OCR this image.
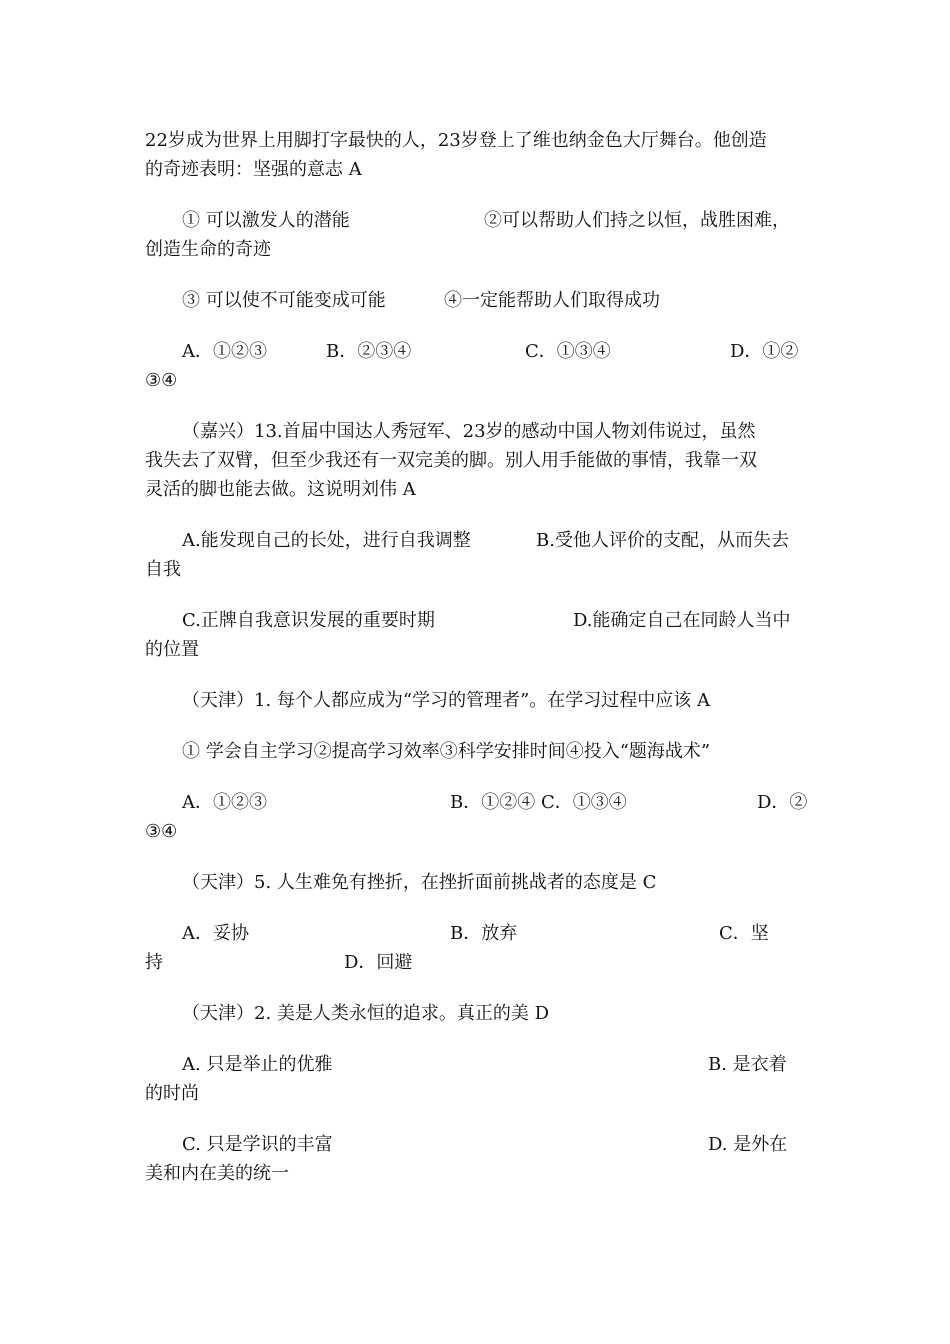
22岁成为世界上用脚打字最快的人，23岁登上了维也纳金色大厅舞台。他创造
的奇迹表明：坚强的意志 A
① 可以激发人的潜能	②可以帮助人们持之以恒，战胜困难，
创造生命的奇迹
③ 可以使不可能变成可能	④一定能帮助人们取得成功
A．①②③	B．②③④	C．①③④	D．①②
③④
（嘉兴）13.首届中国达人秀冠军、23岁的感动中国人物刘伟说过，虽然
我失去了双臂，但至少我还有一双完美的脚。别人用手能做的事情，我靠一双
灵活的脚也能去做。这说明刘伟 A
A.能发现自己的长处，进行自我调整	B.受他人评价的支配，从而失去
自我
C.正牌自我意识发展的重要时期	D.能确定自己在同龄人当中
的位置
（天津）1. 每个人都应成为“学习的管理者”。在学习过程中应该 A
① 学会自主学习②提高学习效率③科学安排时间④投入“题海战术”
A．①②③	B．①②④ C．①③④	D．②
③④
（天津）5. 人生难免有挫折，在挫折面前挑战者的态度是 C
A．妥协	B．放弃	C．坚
持	D．回避
（天津）2. 美是人类永恒的追求。真正的美 D
A. 只是举止的优雅	B. 是衣着
的时尚
C. 只是学识的丰富	D. 是外在
美和内在美的统一
